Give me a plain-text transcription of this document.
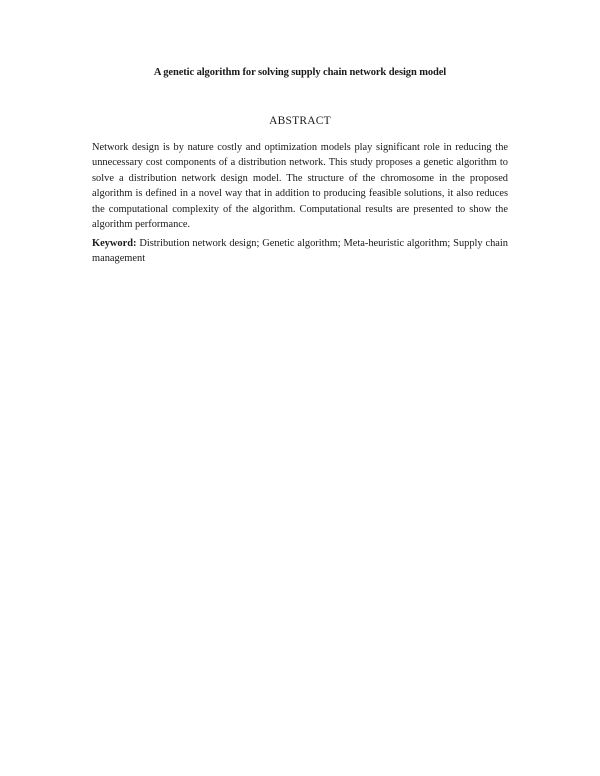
A genetic algorithm for solving supply chain network design model
ABSTRACT

Network design is by nature costly and optimization models play significant role in reducing the unnecessary cost components of a distribution network. This study proposes a genetic algorithm to solve a distribution network design model. The structure of the chromosome in the proposed algorithm is defined in a novel way that in addition to producing feasible solutions, it also reduces the computational complexity of the algorithm. Computational results are presented to show the algorithm performance.

Keyword: Distribution network design; Genetic algorithm; Meta-heuristic algorithm; Supply chain management
